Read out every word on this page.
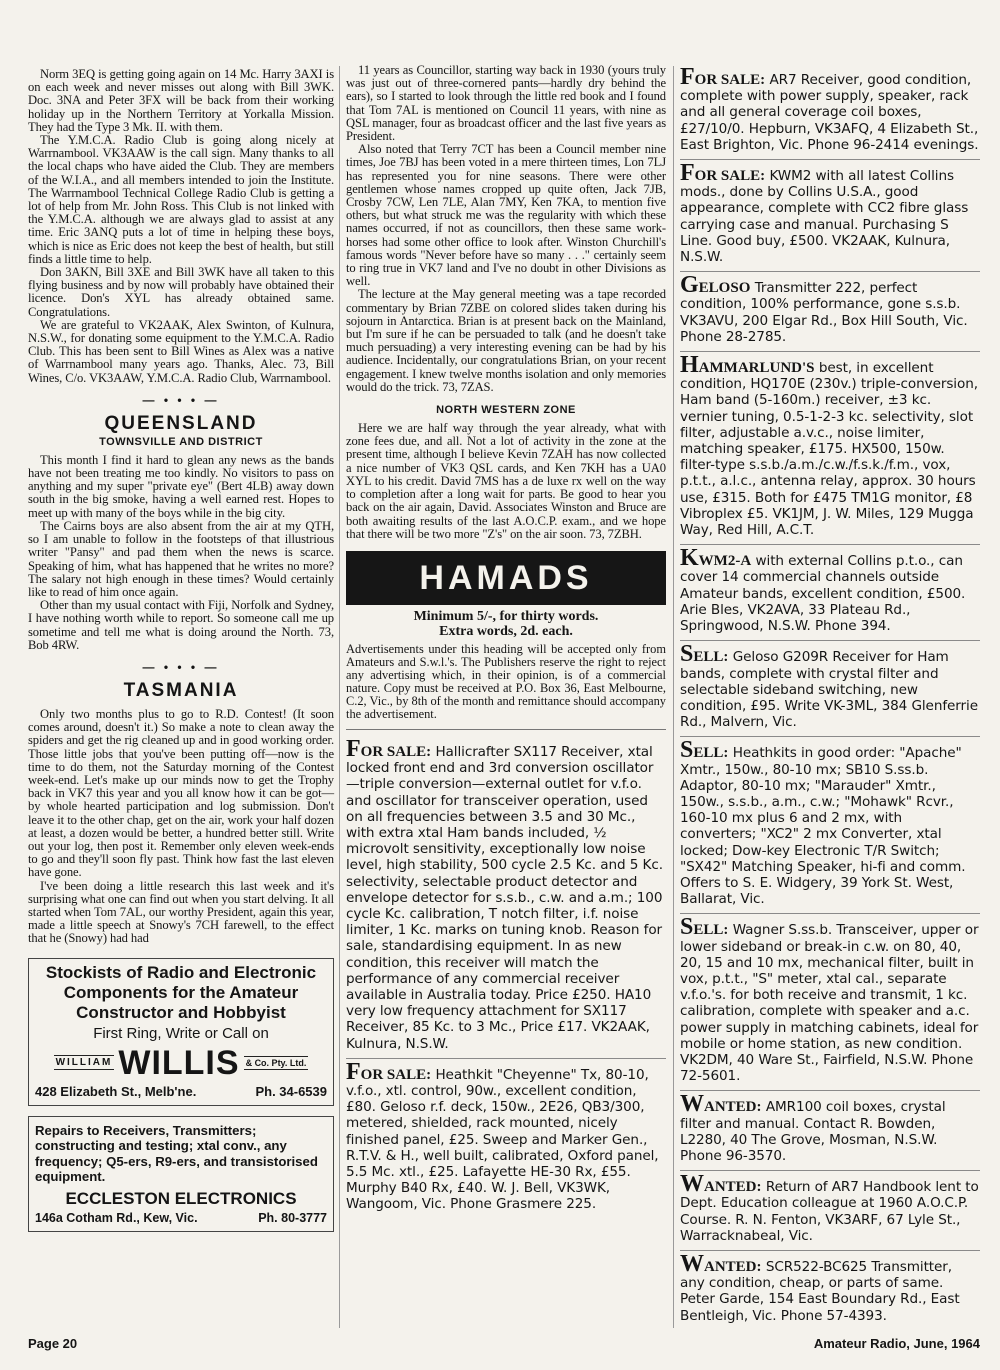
Norm 3EQ is getting going again on 14 Mc. Harry 3AXI is on each week and never misses out along with Bill 3WK. Doc. 3NA and Peter 3FX will be back from their working holiday up in the Northern Territory at Yorkalla Mission. They had the Type 3 Mk. II. with them.

The Y.M.C.A. Radio Club is going along nicely at Warrnambool. VK3AAW is the call sign. Many thanks to all the local chaps who have aided the Club. They are members of the W.I.A., and all members intended to join the Institute. The Warrnambool Technical College Radio Club is getting a lot of help from Mr. John Ross. This Club is not linked with the Y.M.C.A. although we are always glad to assist at any time. Eric 3ANQ puts a lot of time in helping these boys, which is nice as Eric does not keep the best of health, but still finds a little time to help.

Don 3AKN, Bill 3XE and Bill 3WK have all taken to this flying business and by now will probably have obtained their licence. Don's XYL has already obtained same. Congratulations.

We are grateful to VK2AAK, Alex Swinton, of Kulnura, N.S.W., for donating some equipment to the Y.M.C.A. Radio Club. This has been sent to Bill Wines as Alex was a native of Warrnambool many years ago. Thanks, Alec. 73, Bill Wines, C/o. VK3AAW, Y.M.C.A. Radio Club, Warrnambool.

— • • • —
QUEENSLAND
TOWNSVILLE AND DISTRICT

This month I find it hard to glean any news as the bands have not been treating me too kindly. No visitors to pass on anything and my super "private eye" (Bert 4LB) away down south in the big smoke, having a well earned rest. Hopes to meet up with many of the boys while in the big city.

The Cairns boys are also absent from the air at my QTH, so I am unable to follow in the footsteps of that illustrious writer "Pansy" and pad them when the news is scarce. Speaking of him, what has happened that he writes no more? The salary not high enough in these times? Would certainly like to read of him once again.

Other than my usual contact with Fiji, Norfolk and Sydney, I have nothing worth while to report. So someone call me up sometime and tell me what is doing around the North. 73, Bob 4RW.

— • • • —
TASMANIA

Only two months plus to go to R.D. Contest! (It soon comes around, doesn't it.) So make a note to clean away the spiders and get the rig cleaned up and in good working order. Those little jobs that you've been putting off—now is the time to do them, not the Saturday morning of the Contest week-end. Let's make up our minds now to get the Trophy back in VK7 this year and you all know how it can be got—by whole hearted participation and log submission. Don't leave it to the other chap, get on the air, work your half dozen at least, a dozen would be better, a hundred better still. Write out your log, then post it. Remember only eleven week-ends to go and they'll soon fly past. Think how fast the last eleven have gone.

I've been doing a little research this last week and it's surprising what one can find out when you start delving. It all started when Tom 7AL, our worthy President, again this year, made a little speech at Snowy's 7CH farewell, to the effect that he (Snowy) had had

Stockists of Radio and Electronic Components for the Amateur Constructor and Hobbyist
First Ring, Write or Call on
WILLIAM WILLIS & Co. Pty. Ltd.
428 Elizabeth St., Melb'ne.	Ph. 34-6539
Repairs to Receivers, Transmitters; constructing and testing; xtal conv., any frequency; Q5-ers, R9-ers, and transistorised equipment.
ECCLESTON ELECTRONICS
146a Cotham Rd., Kew, Vic.	Ph. 80-3777

11 years as Councillor, starting way back in 1930 (yours truly was just out of three-cornered pants—hardly dry behind the ears), so I started to look through the little red book and I found that Tom 7AL is mentioned on Council 11 years, with nine as QSL manager, four as broadcast officer and the last five years as President.

Also noted that Terry 7CT has been a Council member nine times, Joe 7BJ has been voted in a mere thirteen times, Lon 7LJ has represented you for nine seasons. There were other gentlemen whose names cropped up quite often, Jack 7JB, Crosby 7CW, Len 7LE, Alan 7MY, Ken 7KA, to mention five others, but what struck me was the regularity with which these names occurred, if not as councillors, then these same work-horses had some other office to look after. Winston Churchill's famous words "Never before have so many . . ." certainly seem to ring true in VK7 land and I've no doubt in other Divisions as well.

The lecture at the May general meeting was a tape recorded commentary by Brian 7ZBE on colored slides taken during his sojourn in Antarctica. Brian is at present back on the Mainland, but I'm sure if he can be persuaded to talk (and he doesn't take much persuading) a very interesting evening can be had by his audience. Incidentally, our congratulations Brian, on your recent engagement. I knew twelve months isolation and only memories would do the trick. 73, 7ZAS.

NORTH WESTERN ZONE

Here we are half way through the year already, what with zone fees due, and all. Not a lot of activity in the zone at the present time, although I believe Kevin 7ZAH has now collected a nice number of VK3 QSL cards, and Ken 7KH has a UA0 XYL to his credit. David 7MS has a de luxe rx well on the way to completion after a long wait for parts. Be good to hear you back on the air again, David. Associates Winston and Bruce are both awaiting results of the last A.O.C.P. exam., and we hope that there will be two more "Z's" on the air soon. 73, 7ZBH.

HAMADS
Minimum 5/-, for thirty words.
Extra words, 2d. each.
Advertisements under this heading will be accepted only from Amateurs and S.w.l.'s. The Publishers reserve the right to reject any advertising which, in their opinion, is of a commercial nature. Copy must be received at P.O. Box 36, East Melbourne, C.2, Vic., by 8th of the month and remittance should accompany the advertisement.
FOR SALE: Hallicrafter SX117 Receiver, xtal locked front end and 3rd conversion oscillator—triple conversion—external outlet for v.f.o. and oscillator for transceiver operation, used on all frequencies between 3.5 and 30 Mc., with extra xtal Ham bands included, ½ microvolt sensitivity, exceptionally low noise level, high stability, 500 cycle 2.5 Kc. and 5 Kc. selectivity, selectable product detector and envelope detector for s.s.b., c.w. and a.m.; 100 cycle Kc. calibration, T notch filter, i.f. noise limiter, 1 Kc. marks on tuning knob. Reason for sale, standardising equipment. In as new condition, this receiver will match the performance of any commercial receiver available in Australia today. Price £250. HA10 very low frequency attachment for SX117 Receiver, 85 Kc. to 3 Mc., Price £17. VK2AAK, Kulnura, N.S.W.
FOR SALE: Heathkit "Cheyenne" Tx, 80-10, v.f.o., xtl. control, 90w., excellent condition, £80. Geloso r.f. deck, 150w., 2E26, QB3/300, metered, shielded, rack mounted, nicely finished panel, £25. Sweep and Marker Gen., R.T.V. & H., well built, calibrated, Oxford panel, 5.5 Mc. xtl., £25. Lafayette HE-30 Rx, £55. Murphy B40 Rx, £40. W. J. Bell, VK3WK, Wangoom, Vic. Phone Grasmere 225.
FOR SALE: AR7 Receiver, good condition, complete with power supply, speaker, rack and all general coverage coil boxes, £27/10/0. Hepburn, VK3AFQ, 4 Elizabeth St., East Brighton, Vic. Phone 96-2414 evenings.
FOR SALE: KWM2 with all latest Collins mods., done by Collins U.S.A., good appearance, complete with CC2 fibre glass carrying case and manual. Purchasing S Line. Good buy, £500. VK2AAK, Kulnura, N.S.W.
GELOSO Transmitter 222, perfect condition, 100% performance, gone s.s.b. VK3AVU, 200 Elgar Rd., Box Hill South, Vic. Phone 28-2785.
HAMMARLUND'S best, in excellent condition, HQ170E (230v.) triple-conversion, Ham band (5-160m.) receiver, ±3 kc. vernier tuning, 0.5-1-2-3 kc. selectivity, slot filter, adjustable a.v.c., noise limiter, matching speaker, £175. HX500, 150w. filter-type s.s.b./a.m./c.w./f.s.k./f.m., vox, p.t.t., a.l.c., antenna relay, approx. 30 hours use, £315. Both for £475 TM1G monitor, £8 Vibroplex £5. VK1JM, J. W. Miles, 129 Mugga Way, Red Hill, A.C.T.
KWM2-A with external Collins p.t.o., can cover 14 commercial channels outside Amateur bands, excellent condition, £500. Arie Bles, VK2AVA, 33 Plateau Rd., Springwood, N.S.W. Phone 394.
SELL: Geloso G209R Receiver for Ham bands, complete with crystal filter and selectable sideband switching, new condition, £95. Write VK-3ML, 384 Glenferrie Rd., Malvern, Vic.
SELL: Heathkits in good order: "Apache" Xmtr., 150w., 80-10 mx; SB10 S.ss.b. Adaptor, 80-10 mx; "Marauder" Xmtr., 150w., s.s.b., a.m., c.w.; "Mohawk" Rcvr., 160-10 mx plus 6 and 2 mx, with converters; "XC2" 2 mx Converter, xtal locked; Dow-key Electronic T/R Switch; "SX42" Matching Speaker, hi-fi and comm. Offers to S. E. Widgery, 39 York St. West, Ballarat, Vic.
SELL: Wagner S.ss.b. Transceiver, upper or lower sideband or break-in c.w. on 80, 40, 20, 15 and 10 mx, mechanical filter, built in vox, p.t.t., "S" meter, xtal cal., separate v.f.o.'s. for both receive and transmit, 1 kc. calibration, complete with speaker and a.c. power supply in matching cabinets, ideal for mobile or home station, as new condition. VK2DM, 40 Ware St., Fairfield, N.S.W. Phone 72-5601.
WANTED: AMR100 coil boxes, crystal filter and manual. Contact R. Bowden, L2280, 40 The Grove, Mosman, N.S.W. Phone 96-3570.
WANTED: Return of AR7 Handbook lent to Dept. Education colleague at 1960 A.O.C.P. Course. R. N. Fenton, VK3ARF, 67 Lyle St., Warracknabeal, Vic.
WANTED: SCR522-BC625 Transmitter, any condition, cheap, or parts of same. Peter Garde, 154 East Boundary Rd., East Bentleigh, Vic. Phone 57-4393.
Page 20	Amateur Radio, June, 1964
